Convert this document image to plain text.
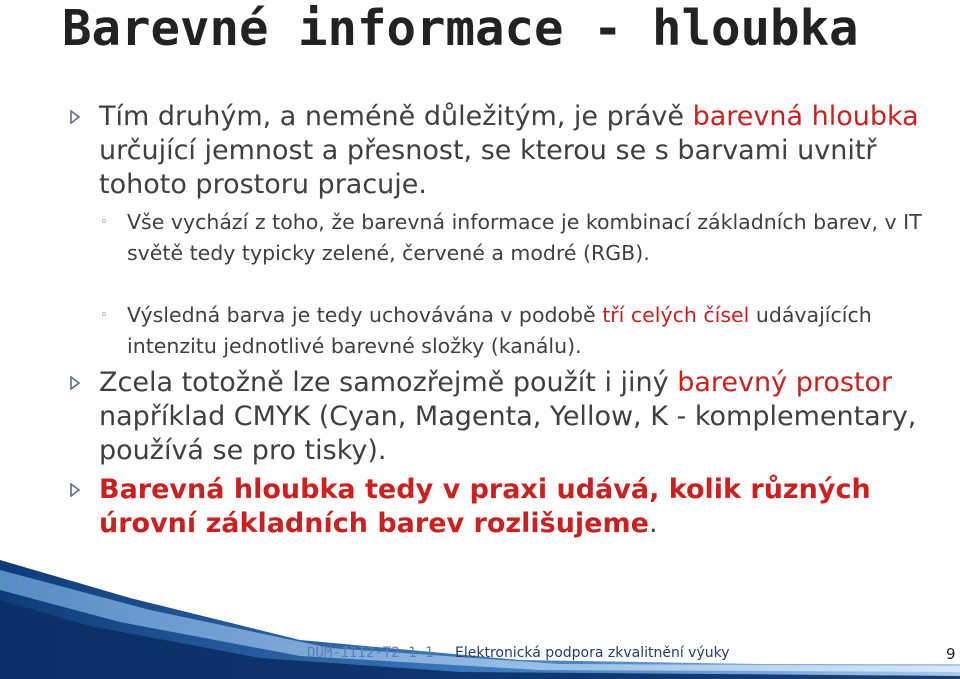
Barevné informace - hloubka
Tím druhým, a neméně důležitým, je právě barevná hloubka určující jemnost a přesnost, se kterou se s barvami uvnitř tohoto prostoru pracuje.
◦ Vše vychází z toho, že barevná informace je kombinací základních barev, v IT světě tedy typicky zelené, červené a modré (RGB).
◦ Výsledná barva je tedy uchovávána v podobě tří celých čísel udávajících intenzitu jednotlivé barevné složky (kanálu).
Zcela totožně lze samozřejmě použít i jiný barevný prostor například CMYK (Cyan, Magenta, Yellow, K - komplementary, používá se pro tisky).
Barevná hloubka tedy v praxi udává, kolik různých úrovní základních barev rozlišujeme.
DUM-III2-T2-1-1 Elektronická podpora zkvalitnění výuky	9
